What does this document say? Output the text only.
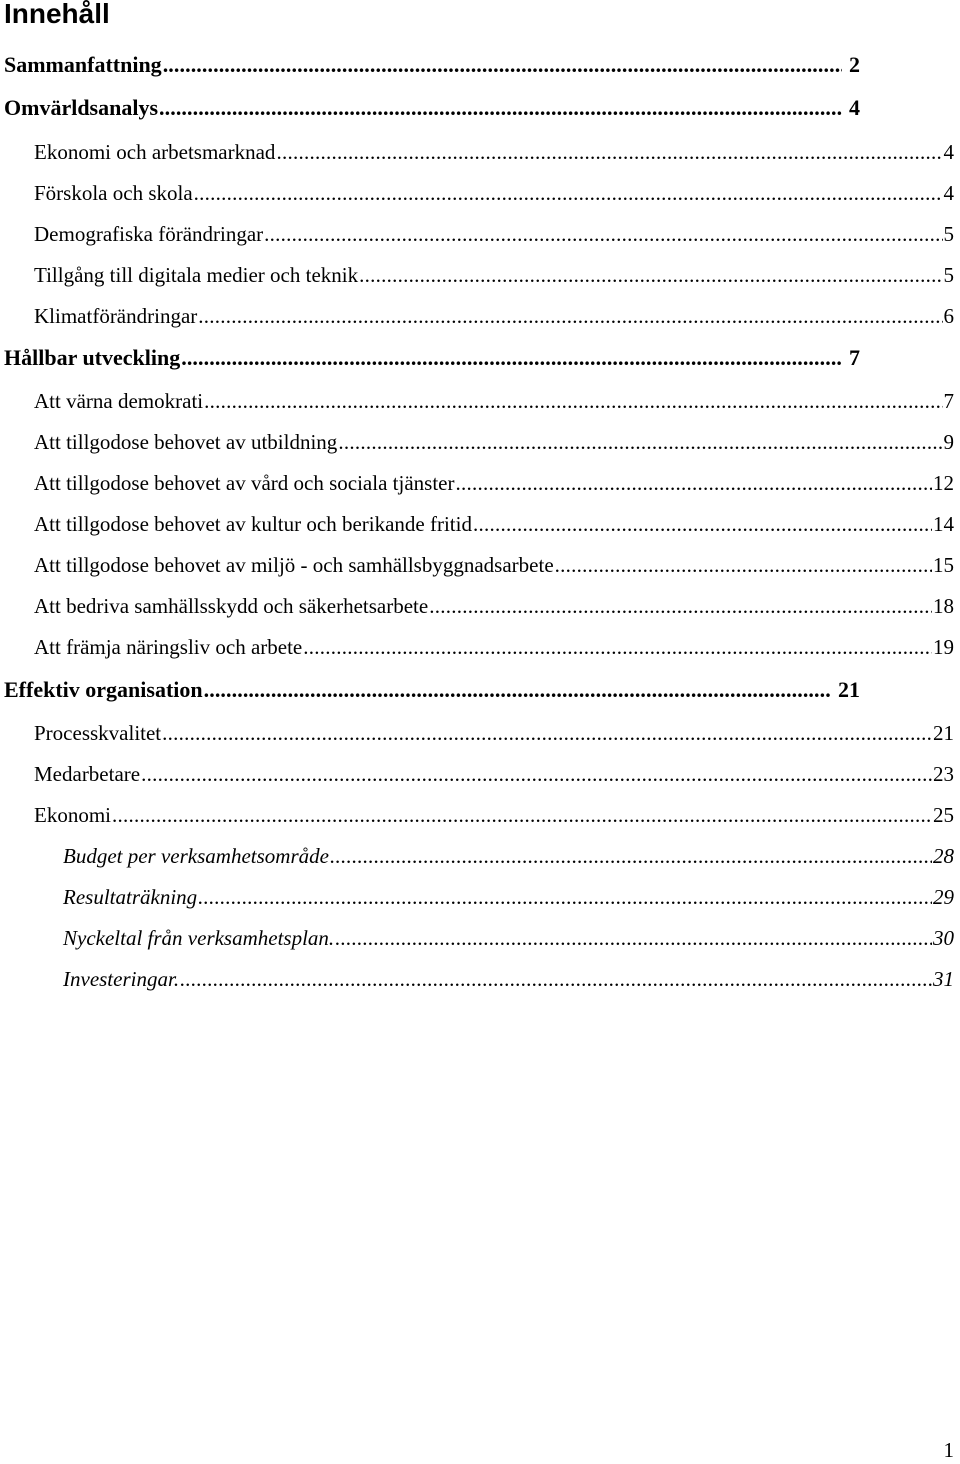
Innehåll
Sammanfattning . . .	2
Omvärldsanalys . . .	4
Ekonomi och arbetsmarknad . . .	4
Förskola och skola . . .	4
Demografiska förändringar . . .	5
Tillgång till digitala medier och teknik . . .	5
Klimatförändringar . . .	6
Hållbar utveckling . . .	7
Att värna demokrati . . .	7
Att tillgodose behovet av utbildning . . .	9
Att tillgodose behovet av vård och sociala tjänster . . .	12
Att tillgodose behovet av kultur och berikande fritid . . .	14
Att tillgodose behovet av miljö - och samhällsbyggnadsarbete . . .	15
Att bedriva samhällsskydd och säkerhetsarbete . . .	18
Att främja näringsliv och arbete . . .	19
Effektiv organisation . . .	21
Processkvalitet . . .	21
Medarbetare . . .	23
Ekonomi . . .	25
Budget per verksamhetsområde . . .	28
Resultaträkning . . .	29
Nyckeltal från verksamhetsplan. . . .	30
Investeringar. . . .	31
1
